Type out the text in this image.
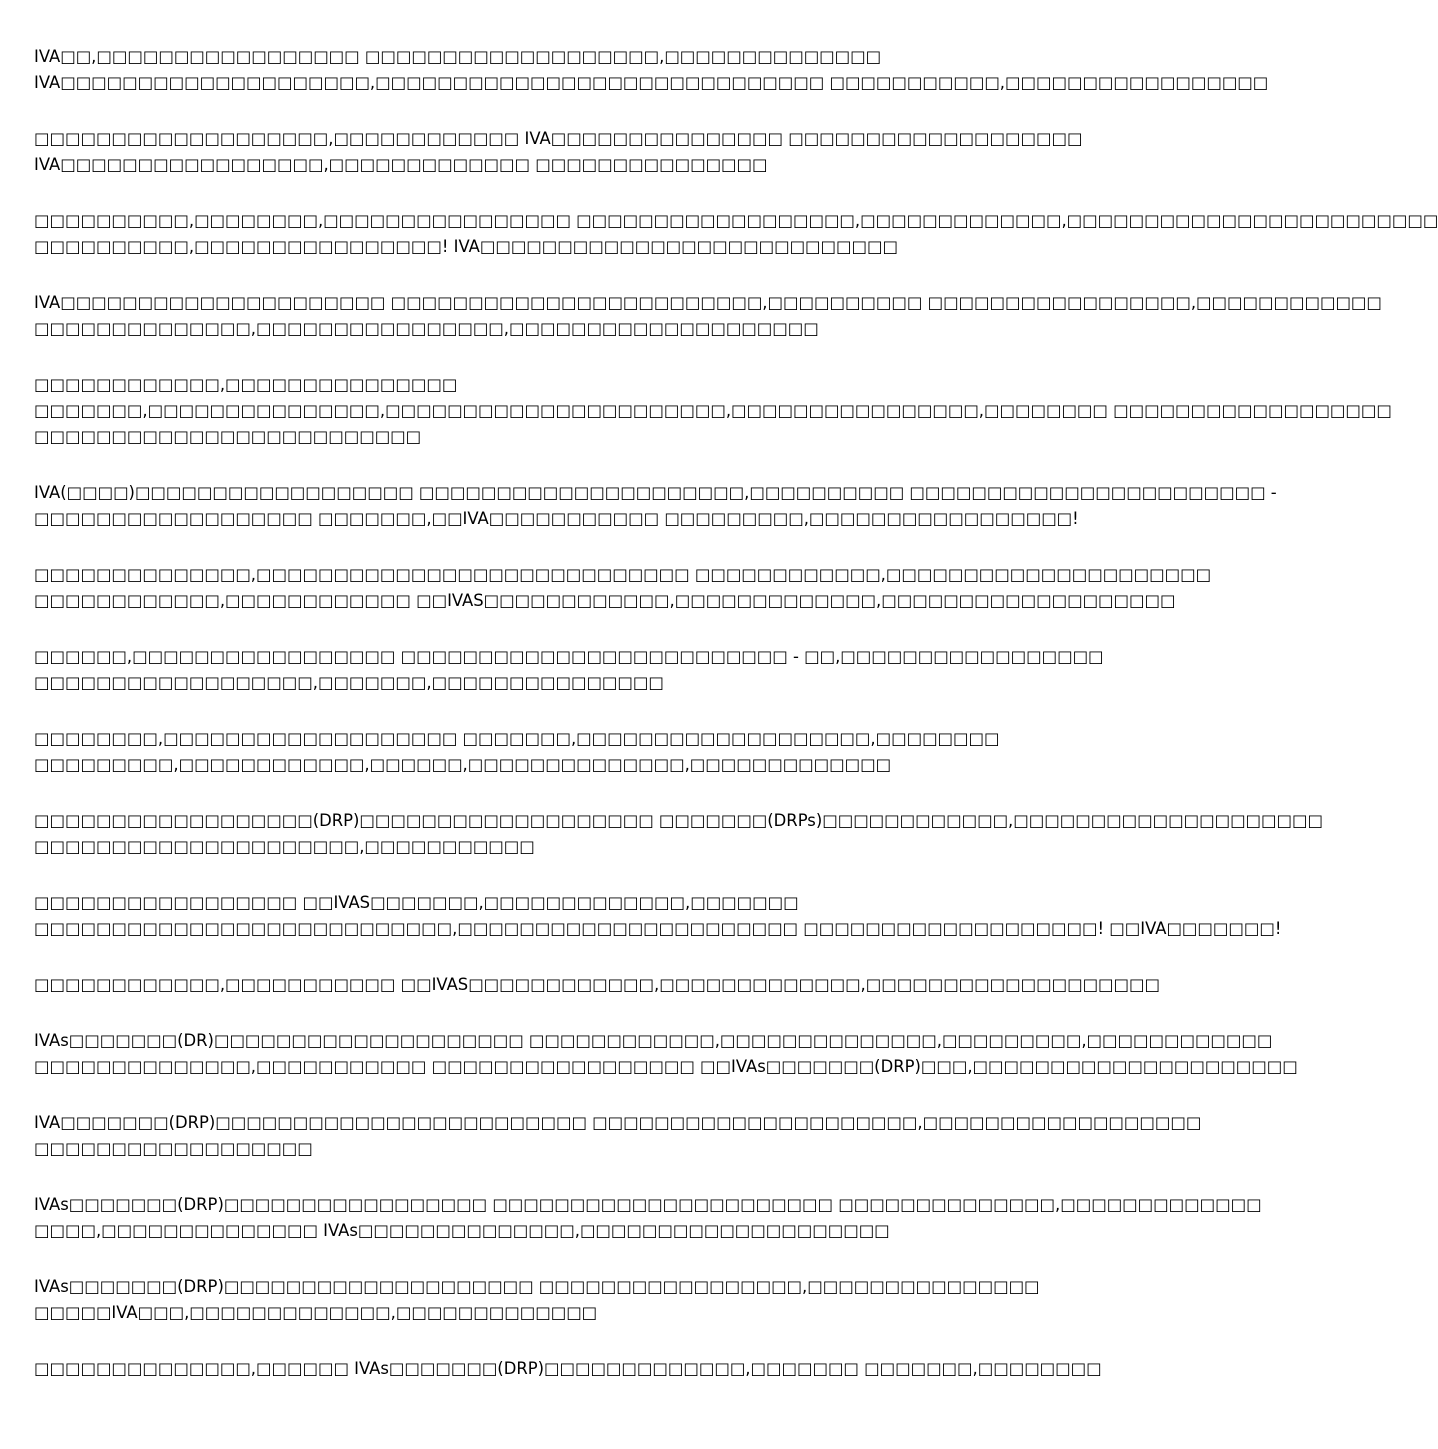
IVA□□,□□□□□□□□□□□□□□□□□ □□□□□□□□□□□□□□□□□□□,□□□□□□□□□□□□□□
IVA□□□□□□□□□□□□□□□□□□□□,□□□□□□□□□□□□□□□□□□□□□□□□□□□□□ □□□□□□□□□□□,□□□□□□□□□□□□□□□□□
□□□□□□□□□□□□□□□□□□□,□□□□□□□□□□□□ IVA□□□□□□□□□□□□□□□ □□□□□□□□□□□□□□□□□□□
IVA□□□□□□□□□□□□□□□□□,□□□□□□□□□□□□□ □□□□□□□□□□□□□□□
□□□□□□□□□□,□□□□□□□□,□□□□□□□□□□□□□□□□ □□□□□□□□□□□□□□□□□□,□□□□□□□□□□□□□,□□□□□□□□□□□□□□□□□□□□□□□□
□□□□□□□□□□,□□□□□□□□□□□□□□□□! IVA□□□□□□□□□□□□□□□□□□□□□□□□□□□
IVA□□□□□□□□□□□□□□□□□□□□□ □□□□□□□□□□□□□□□□□□□□□□□□,□□□□□□□□□□ □□□□□□□□□□□□□□□□□,□□□□□□□□□□□□
□□□□□□□□□□□□□□,□□□□□□□□□□□□□□□□,□□□□□□□□□□□□□□□□□□□□
□□□□□□□□□□□□,□□□□□□□□□□□□□□□
□□□□□□□,□□□□□□□□□□□□□□□,□□□□□□□□□□□□□□□□□□□□□□,□□□□□□□□□□□□□□□□,□□□□□□□□ □□□□□□□□□□□□□□□□□□
□□□□□□□□□□□□□□□□□□□□□□□□□
IVA(□□□□)□□□□□□□□□□□□□□□□□□ □□□□□□□□□□□□□□□□□□□□□,□□□□□□□□□□ □□□□□□□□□□□□□□□□□□□□□□□ -
□□□□□□□□□□□□□□□□□□ □□□□□□□,□□IVA□□□□□□□□□□□ □□□□□□□□□,□□□□□□□□□□□□□□□□□!
□□□□□□□□□□□□□□,□□□□□□□□□□□□□□□□□□□□□□□□□□□□ □□□□□□□□□□□□,□□□□□□□□□□□□□□□□□□□□□
□□□□□□□□□□□□,□□□□□□□□□□□□ □□IVAS□□□□□□□□□□□□,□□□□□□□□□□□□□,□□□□□□□□□□□□□□□□□□□
□□□□□□,□□□□□□□□□□□□□□□□□ □□□□□□□□□□□□□□□□□□□□□□□□□ - □□,□□□□□□□□□□□□□□□□□
□□□□□□□□□□□□□□□□□□,□□□□□□□,□□□□□□□□□□□□□□□
□□□□□□□□,□□□□□□□□□□□□□□□□□□□ □□□□□□□,□□□□□□□□□□□□□□□□□□□,□□□□□□□□
□□□□□□□□□,□□□□□□□□□□□□,□□□□□□,□□□□□□□□□□□□□□,□□□□□□□□□□□□□
□□□□□□□□□□□□□□□□□□(DRP)□□□□□□□□□□□□□□□□□□□ □□□□□□□(DRPs)□□□□□□□□□□□□,□□□□□□□□□□□□□□□□□□□□
□□□□□□□□□□□□□□□□□□□□□,□□□□□□□□□□□
□□□□□□□□□□□□□□□□□ □□IVAS□□□□□□□,□□□□□□□□□□□□□,□□□□□□□
□□□□□□□□□□□□□□□□□□□□□□□□□□□,□□□□□□□□□□□□□□□□□□□□□□ □□□□□□□□□□□□□□□□□□□! □□IVA□□□□□□□!
□□□□□□□□□□□□,□□□□□□□□□□□ □□IVAS□□□□□□□□□□□□,□□□□□□□□□□□□□,□□□□□□□□□□□□□□□□□□□
IVAs□□□□□□□(DR)□□□□□□□□□□□□□□□□□□□□ □□□□□□□□□□□□,□□□□□□□□□□□□□□,□□□□□□□□□,□□□□□□□□□□□□
□□□□□□□□□□□□□□,□□□□□□□□□□□ □□□□□□□□□□□□□□□□□ □□IVAs□□□□□□□(DRP)□□□,□□□□□□□□□□□□□□□□□□□□□
IVA□□□□□□□(DRP)□□□□□□□□□□□□□□□□□□□□□□□□ □□□□□□□□□□□□□□□□□□□□□,□□□□□□□□□□□□□□□□□□
□□□□□□□□□□□□□□□□□□
IVAs□□□□□□□(DRP)□□□□□□□□□□□□□□□□□ □□□□□□□□□□□□□□□□□□□□□□ □□□□□□□□□□□□□□,□□□□□□□□□□□□□
□□□□,□□□□□□□□□□□□□□ IVAs□□□□□□□□□□□□□□,□□□□□□□□□□□□□□□□□□□□
IVAs□□□□□□□(DRP)□□□□□□□□□□□□□□□□□□□□ □□□□□□□□□□□□□□□□□,□□□□□□□□□□□□□□□
□□□□□IVA□□□,□□□□□□□□□□□□□,□□□□□□□□□□□□□
□□□□□□□□□□□□□□,□□□□□□ IVAs□□□□□□□(DRP)□□□□□□□□□□□□□,□□□□□□□ □□□□□□□,□□□□□□□□
